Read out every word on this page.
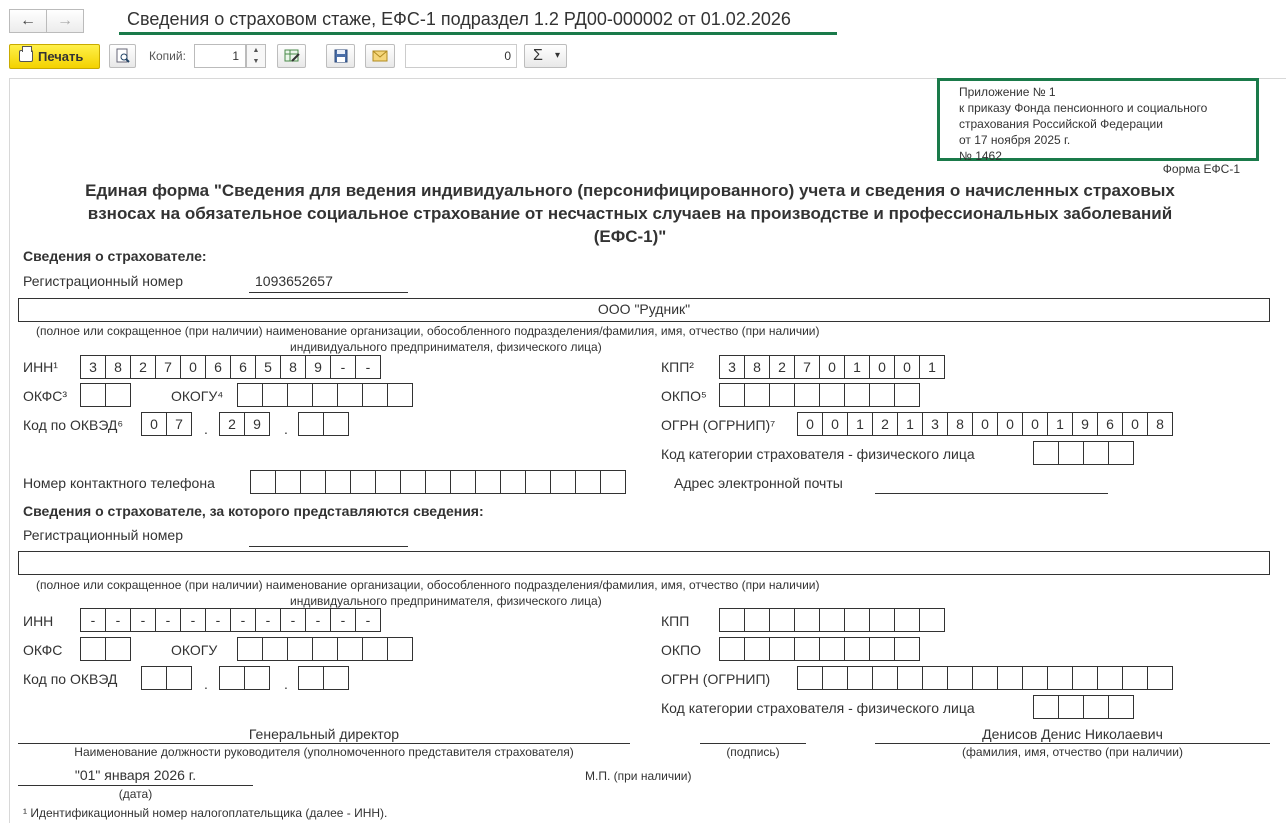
←	→	Сведения о страховом стаже, ЕФС-1 подраздел 1.2 РД00-000002 от 01.02.2026
Печать	Копий:	1	▲
▼	0	Σ ▾
Приложение № 1
к приказу Фонда пенсионного и социального
страхования Российской Федерации
от 17 ноября 2025 г.
№ 1462
Форма ЕФС-1
Единая форма "Сведения для ведения индивидуального (персонифицированного) учета и сведения о начисленных страховых
взносах на обязательное социальное страхование от несчастных случаев на производстве и профессиональных заболеваний
(ЕФС-1)"
Сведения о страхователе:
Регистрационный номер	1093652657
ООО "Рудник"
(полное или сокращенное (при наличии) наименование организации, обособленного подразделения/фамилия, имя, отчество (при наличии)
индивидуального предпринимателя, физического лица)
ИНН¹	3	8	2	7	0	6	6	5	8	9	-	-	КПП²	3	8	2	7	0	1	0	0	1
ОКФС³	ОКОГУ⁴	ОКПО⁵
Код по ОКВЭД⁶	0	7	.	2	9	.	ОГРН (ОГРНИП)⁷	0	0	1	2	1	3	8	0	0	0	1	9	6	0	8
Код категории страхователя - физического лица
Номер контактного телефона	Адрес электронной почты
Сведения о страхователе, за которого представляются сведения:
Регистрационный номер
(полное или сокращенное (при наличии) наименование организации, обособленного подразделения/фамилия, имя, отчество (при наличии)
индивидуального предпринимателя, физического лица)
ИНН	-	-	-	-	-	-	-	-	-	-	-	-	КПП
ОКФС	ОКОГУ	ОКПО
Код по ОКВЭД	.	.	ОГРН (ОГРНИП)
Код категории страхователя - физического лица
Генеральный директор
Наименование должности руководителя (уполномоченного представителя страхователя)	(подпись)
Денисов Денис Николаевич
(фамилия, имя, отчество (при наличии)
"01" января 2026 г.
(дата)
М.П. (при наличии)
¹ Идентификационный номер налогоплательщика (далее - ИНН).
